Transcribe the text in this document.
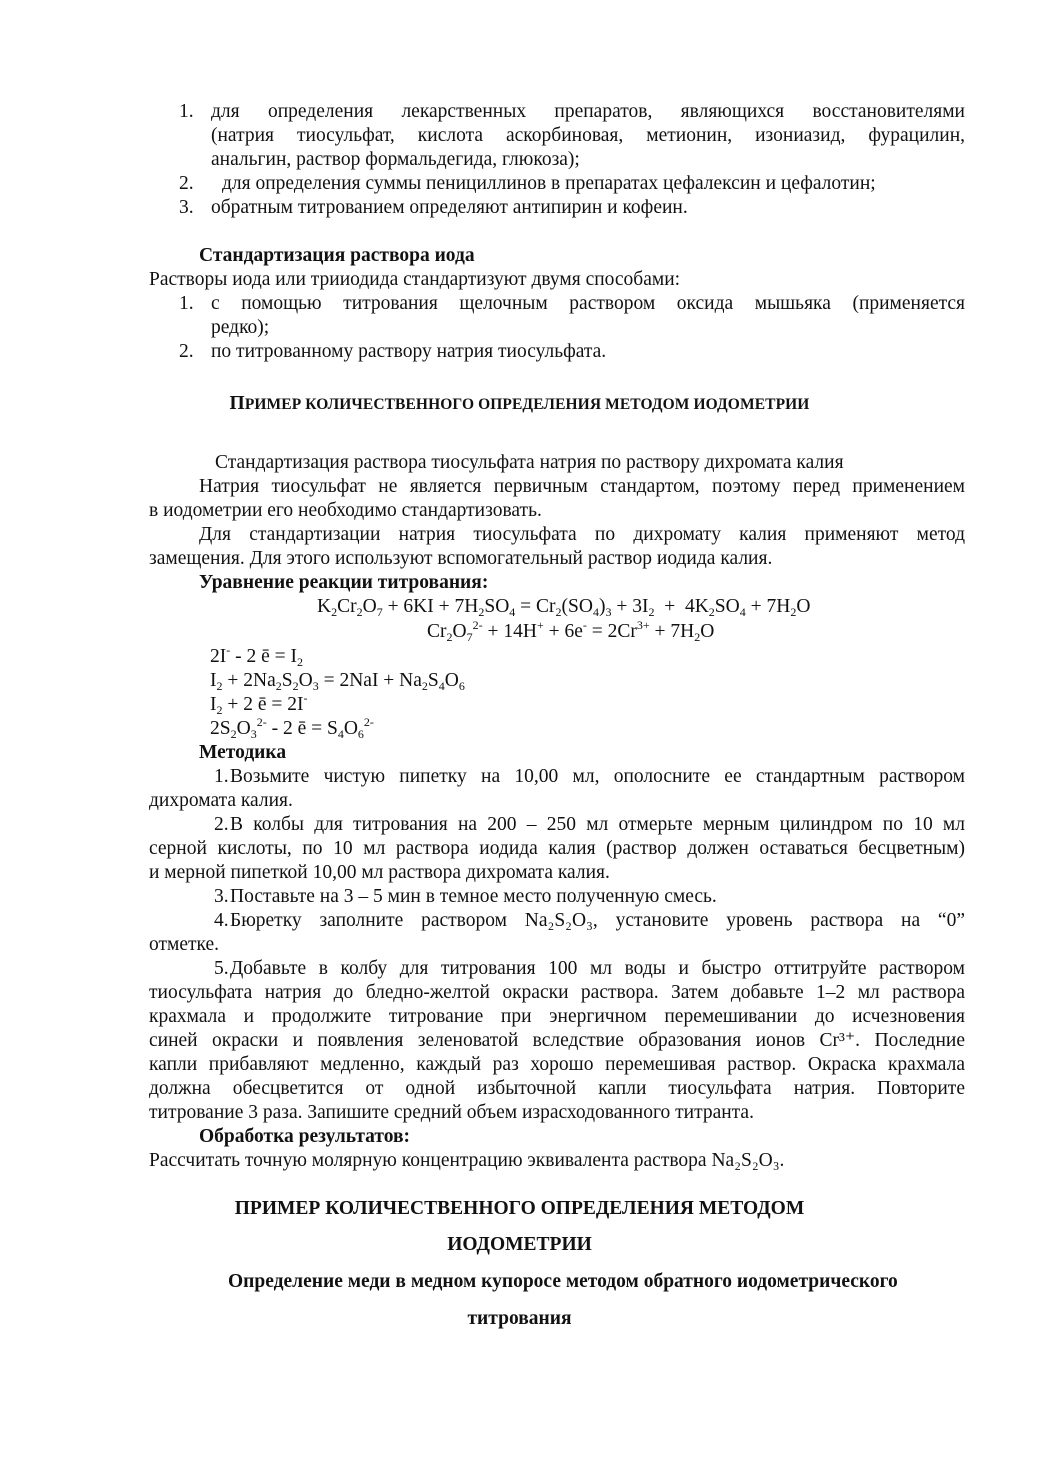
1. для определения лекарственных препаратов, являющихся восстановителями
(натрия тиосульфат, кислота аскорбиновая, метионин, изониазид, фурацилин,
анальгин, раствор формальдегида, глюкоза);
2. для определения суммы пенициллинов в препаратах цефалексин и цефалотин;
3. обратным титрованием определяют антипирин и кофеин.
Стандартизация раствора иода
Растворы иода или трииодида стандартизуют двумя способами:
1. с помощью титрования щелочным раствором оксида мышьяка (применяется
редко);
2. по титрованному раствору натрия тиосульфата.
ПРИМЕР КОЛИЧЕСТВЕННОГО ОПРЕДЕЛЕНИЯ МЕТОДОМ ИОДОМЕТРИИ
Стандартизация раствора тиосульфата натрия по раствору дихромата калия
Натрия тиосульфат не является первичным стандартом, поэтому перед применением
в иодометрии его необходимо стандартизовать.
Для стандартизации натрия тиосульфата по дихромату калия применяют метод
замещения. Для этого используют вспомогательный раствор иодида калия.
Уравнение реакции титрования:
$K_2Cr_2O_7 + 6KI + 7H_2SO_4 = Cr_2(SO_4)_3 + 3I_2 + 4K_2SO_4 + 7H_2O$
$Cr_2O_7^{2-} + 14H^+ + 6e^- = 2Cr^{3+} + 7H_2O$
2I- - 2 ē = $I_2$
$I_2 + 2Na_2S_2O_3 = 2NaI + Na_2S_4O_6$
$I_2 + 2$ ē = 2I-
$2S_2O_3^{2-} - 2$ ē = $S_4O_6^{2-}$
Методика
1. Возьмите чистую пипетку на 10,00 мл, ополосните ее стандартным раствором
дихромата калия.
2. В колбы для титрования на 200 – 250 мл отмерьте мерным цилиндром по 10 мл
серной кислоты, по 10 мл раствора иодида калия (раствор должен оставаться бесцветным)
и мерной пипеткой 10,00 мл раствора дихромата калия.
3. Поставьте на 3 – 5 мин в темное место полученную смесь.
4. Бюретку заполните раствором Na₂S₂O₃, установите уровень раствора на “0”
отметке.
5. Добавьте в колбу для титрования 100 мл воды и быстро оттитруйте раствором
тиосульфата натрия до бледно-желтой окраски раствора. Затем добавьте 1–2 мл раствора
крахмала и продолжите титрование при энергичном перемешивании до исчезновения
синей окраски и появления зеленоватой вследствие образования ионов Cr³⁺. Последние
капли прибавляют медленно, каждый раз хорошо перемешивая раствор. Окраска крахмала
должна обесцветится от одной избыточной капли тиосульфата натрия. Повторите
титрование 3 раза. Запишите средний объем израсходованного титранта.
Обработка результатов:
Рассчитать точную молярную концентрацию эквивалента раствора Na₂S₂O₃.
ПРИМЕР КОЛИЧЕСТВЕННОГО ОПРЕДЕЛЕНИЯ МЕТОДОМ
ИОДОМЕТРИИ
Определение меди в медном купоросе методом обратного иодометрического
титрования
